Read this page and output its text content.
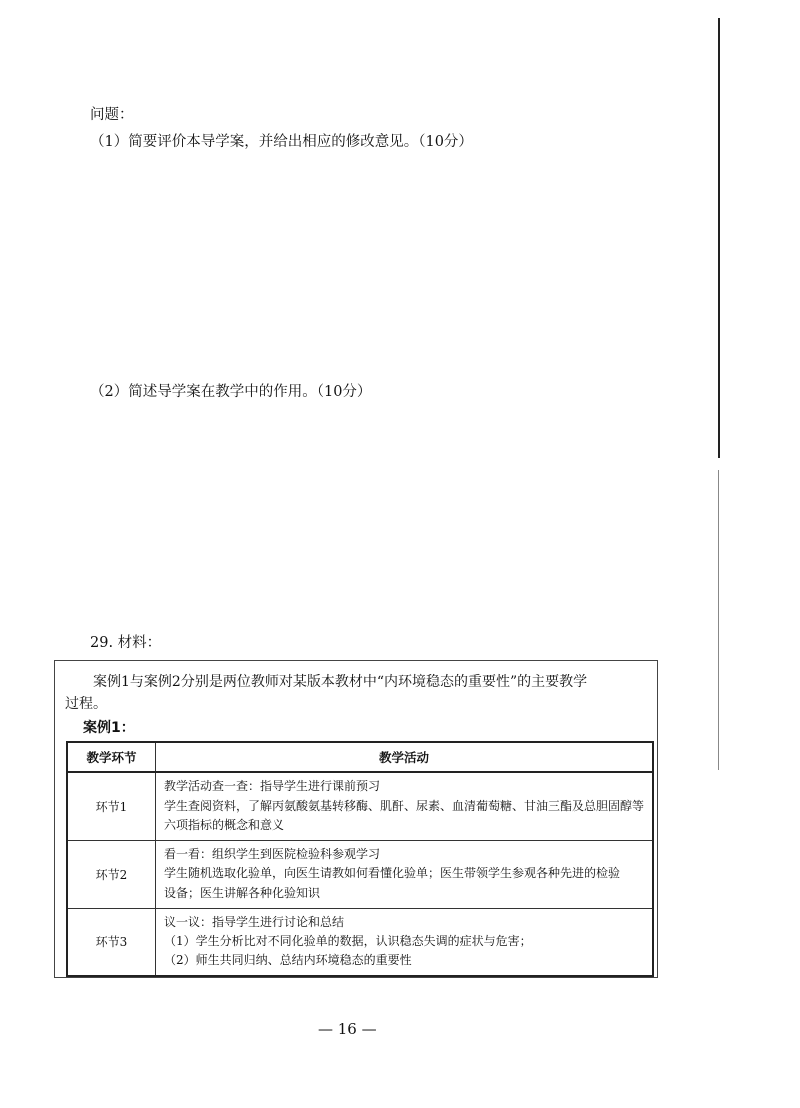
问题：
（1）简要评价本导学案，并给出相应的修改意见。（10分）
（2）简述导学案在教学中的作用。（10分）
29. 材料：
案例1与案例2分别是两位教师对某版本教材中“内环境稳态的重要性”的主要教学
过程。
案例1：
教学环节	教学活动
环节1	教学活动查一查：指导学生进行课前预习
学生查阅资料，了解丙氨酸氨基转移酶、肌酐、尿素、血清葡萄糖、甘油三酯及总胆固醇等
六项指标的概念和意义

环节2	看一看：组织学生到医院检验科参观学习
学生随机选取化验单，向医生请教如何看懂化验单；医生带领学生参观各种先进的检验
设备；医生讲解各种化验知识

环节3	议一议：指导学生进行讨论和总结
（1）学生分析比对不同化验单的数据，认识稳态失调的症状与危害；
（2）师生共同归纳、总结内环境稳态的重要性
— 16 —
